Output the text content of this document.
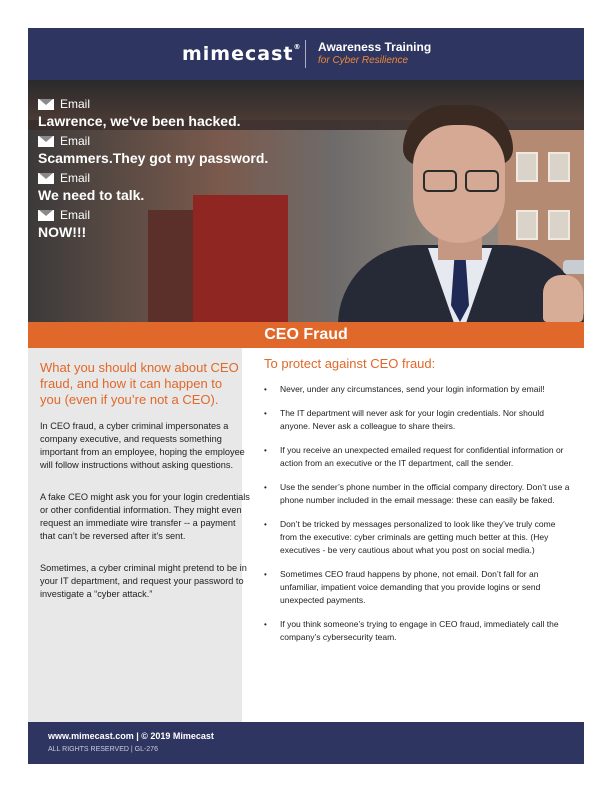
mimecast® Awareness Training
for Cyber Resilience
Email
Lawrence, we've been hacked.
Email
Scammers.They got my password.
Email
We need to talk.
Email
NOW!!!
CEO Fraud
What you should know about CEO fraud, and how it can happen to you (even if you’re not a CEO).
In CEO fraud, a cyber criminal impersonates a company executive, and requests something important from an employee, hoping the employee will follow instructions without asking questions.
A fake CEO might ask you for your login credentials or other confidential information. They might even request an immediate wire transfer -- a payment that can’t be reversed after it’s sent.
Sometimes, a cyber criminal might pretend to be in your IT department, and request your password to investigate a “cyber attack.”
To protect against CEO fraud:
• Never, under any circumstances, send your login information by email!
• The IT department will never ask for your login credentials. Nor should anyone. Never ask a colleague to share theirs.
• If you receive an unexpected emailed request for confidential information or action from an executive or the IT department, call the sender.
• Use the sender’s phone number in the official company directory. Don’t use a phone number included in the email message: these can easily be faked.
• Don’t be tricked by messages personalized to look like they’ve truly come from the executive: cyber criminals are getting much better at this. (Hey executives - be very cautious about what you post on social media.)
• Sometimes CEO fraud happens by phone, not email. Don’t fall for an unfamiliar, impatient voice demanding that you provide logins or send unexpected payments.
• If you think someone’s trying to engage in CEO fraud, immediately call the company’s cybersecurity team.
www.mimecast.com | © 2019 Mimecast
ALL RIGHTS RESERVED | GL-276
